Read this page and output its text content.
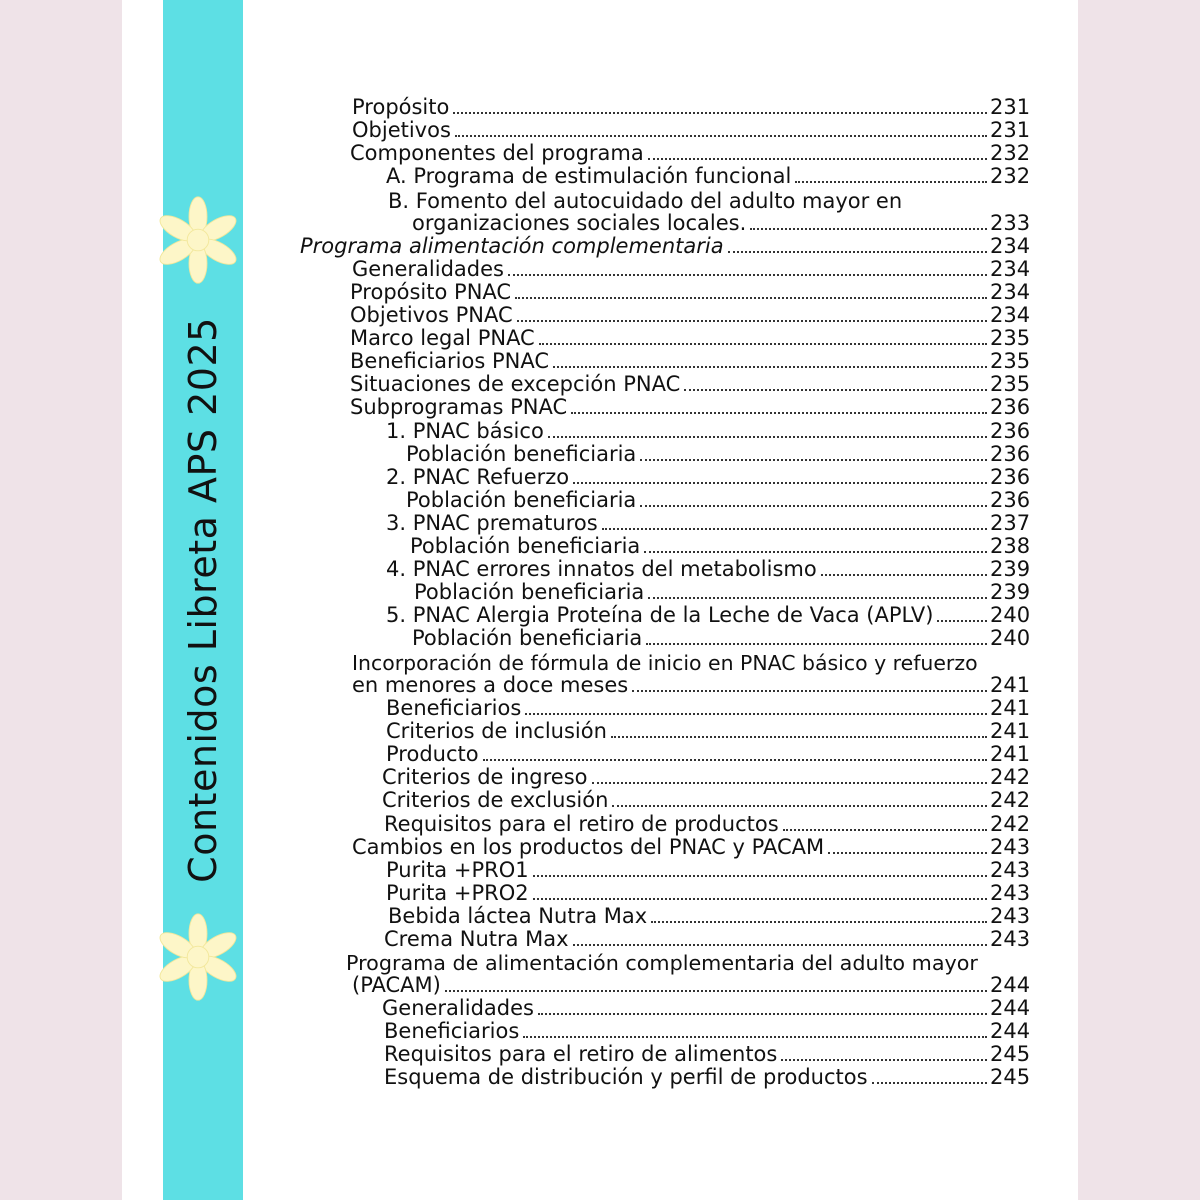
Contenidos Libreta APS 2025
Propósito	231
Objetivos	231
Componentes del programa	232
A. Programa de estimulación funcional	232
B. Fomento del autocuidado del adulto mayor en
organizaciones sociales locales.	233
Programa alimentación complementaria	234
Generalidades	234
Propósito PNAC	234
Objetivos PNAC	234
Marco legal PNAC	235
Beneficiarios PNAC	235
Situaciones de excepción PNAC	235
Subprogramas PNAC	236
1. PNAC básico	236
Población beneficiaria	236
2. PNAC Refuerzo	236
Población beneficiaria	236
3. PNAC prematuros	237
Población beneficiaria	238
4. PNAC errores innatos del metabolismo	239
Población beneficiaria	239
5. PNAC Alergia Proteína de la Leche de Vaca (APLV)	240
Población beneficiaria	240
Incorporación de fórmula de inicio en PNAC básico y refuerzo
en menores a doce meses	241
Beneficiarios	241
Criterios de inclusión	241
Producto	241
Criterios de ingreso	242
Criterios de exclusión	242
Requisitos para el retiro de productos	242
Cambios en los productos del PNAC y PACAM	243
Purita +PRO1	243
Purita +PRO2	243
Bebida láctea Nutra Max	243
Crema Nutra Max	243
Programa de alimentación complementaria del adulto mayor
(PACAM)	244
Generalidades	244
Beneficiarios	244
Requisitos para el retiro de alimentos	245
Esquema de distribución y perfil de productos	245
